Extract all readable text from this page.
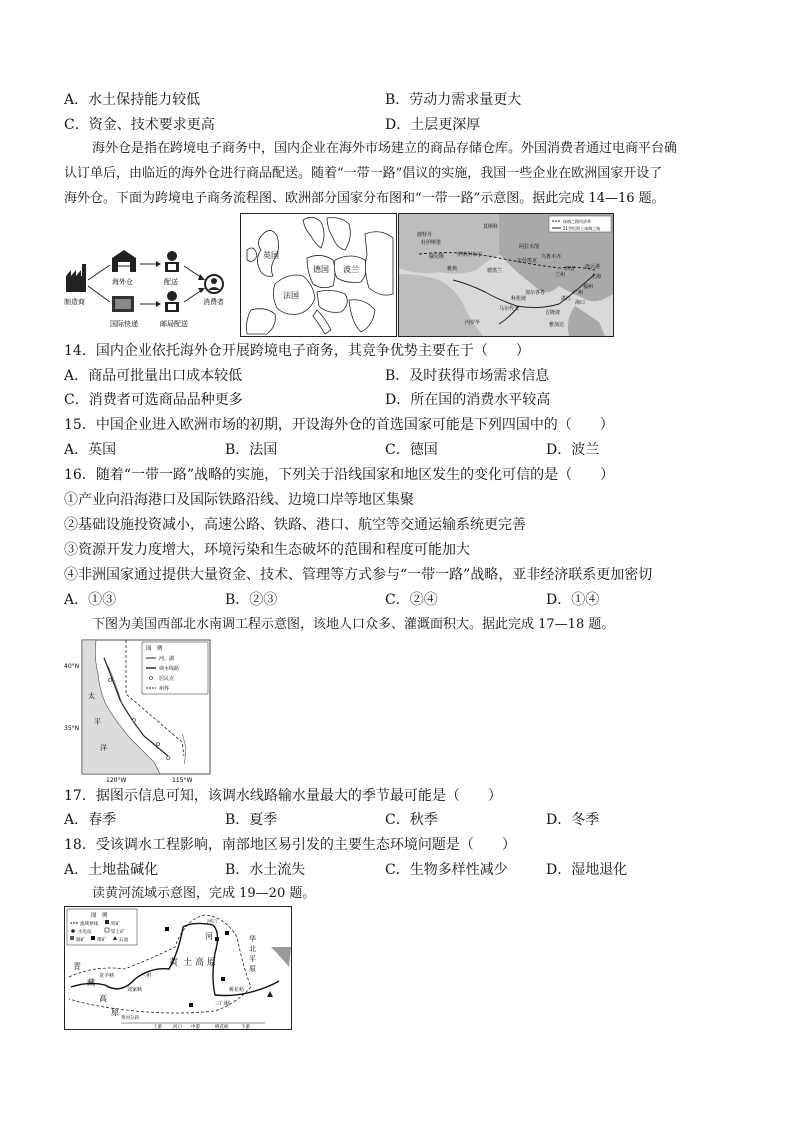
A．水土保持能力较低	B．劳动力需求量更大
C．资金、技术要求更高	D．土层更深厚
海外仓是指在跨境电子商务中，国内企业在海外市场建立的商品存储仓库。外国消费者通过电商平台确
认订单后，由临近的海外仓进行商品配送。随着“一带一路”倡议的实施，我国一些企业在欧洲国家开设了
海外仓。下面为跨境电子商务流程图、欧洲部分国家分布图和“一带一路”示意图。据此完成 14—16 题。
制造商
海外仓
国际快递
配送
邮局配送
消费者
英国
德国 波兰
法国
丝绸之路经济带
21世纪海上丝绸之路
鹿特丹
杜伊斯堡
威尼斯
雅典
伊斯坦布尔
莫斯科
阿拉木图
乌鲁木齐
西安
兰州
连云港
上海
福州
广州
湛江
海口
内罗毕
马尔代夫
科伦坡
加尔各答
吉隆坡
雅加达
德黑兰
比什凯克
14．国内企业依托海外仓开展跨境电子商务，其竞争优势主要在于（　　）
A．商品可批量出口成本较低	B．及时获得市场需求信息
C．消费者可选商品品种更多	D．所在国的消费水平较高
15．中国企业进入欧洲市场的初期，开设海外仓的首选国家可能是下列四国中的（　　）
A．英国	B．法国	C．德国	D．波兰
16．随着“一带一路”战略的实施，下列关于沿线国家和地区发生的变化可信的是（　　）
①产业向沿海港口及国际铁路沿线、边境口岸等地区集聚
②基础设施投资减小，高速公路、铁路、港口、航空等交通运输系统更完善
③资源开发力度增大，环境污染和生态破坏的范围和程度可能加大
④非洲国家通过提供大量资金、技术、管理等方式参与“一带一路”战略，亚非经济联系更加密切
A．①③	B．②③	C．②④	D．①④
下图为美国西部北水南调工程示意图，该地人口众多、灌溉面积大。据此完成 17—18 题。
40°N
35°N
120°W	115°W
太
平
洋
图　例
河、湖
调水线路
居民点
州界
17．据图示信息可知，该调水线路输水量最大的季节最可能是（　　）
A．春季	B．夏季	C．秋季	D．冬季
18．受该调水工程影响，南部地区易引发的主要生态环境问题是（　　）
A．土地盐碱化	B．水土流失	C．生物多样性减少	D．湿地退化
读黄河流域示意图，完成 19—20 题。
图　例
流域界线	铁矿
水电站	铝土矿
铜矿	煤矿	石油
青
藏
高
原
黄 土 高 原
河	华
北
平
原
河口
兰州
刘家峡
龙羊峡
三门峡
桃花峪
黄河分段
上游 河口 中游	桃花峪	下游
